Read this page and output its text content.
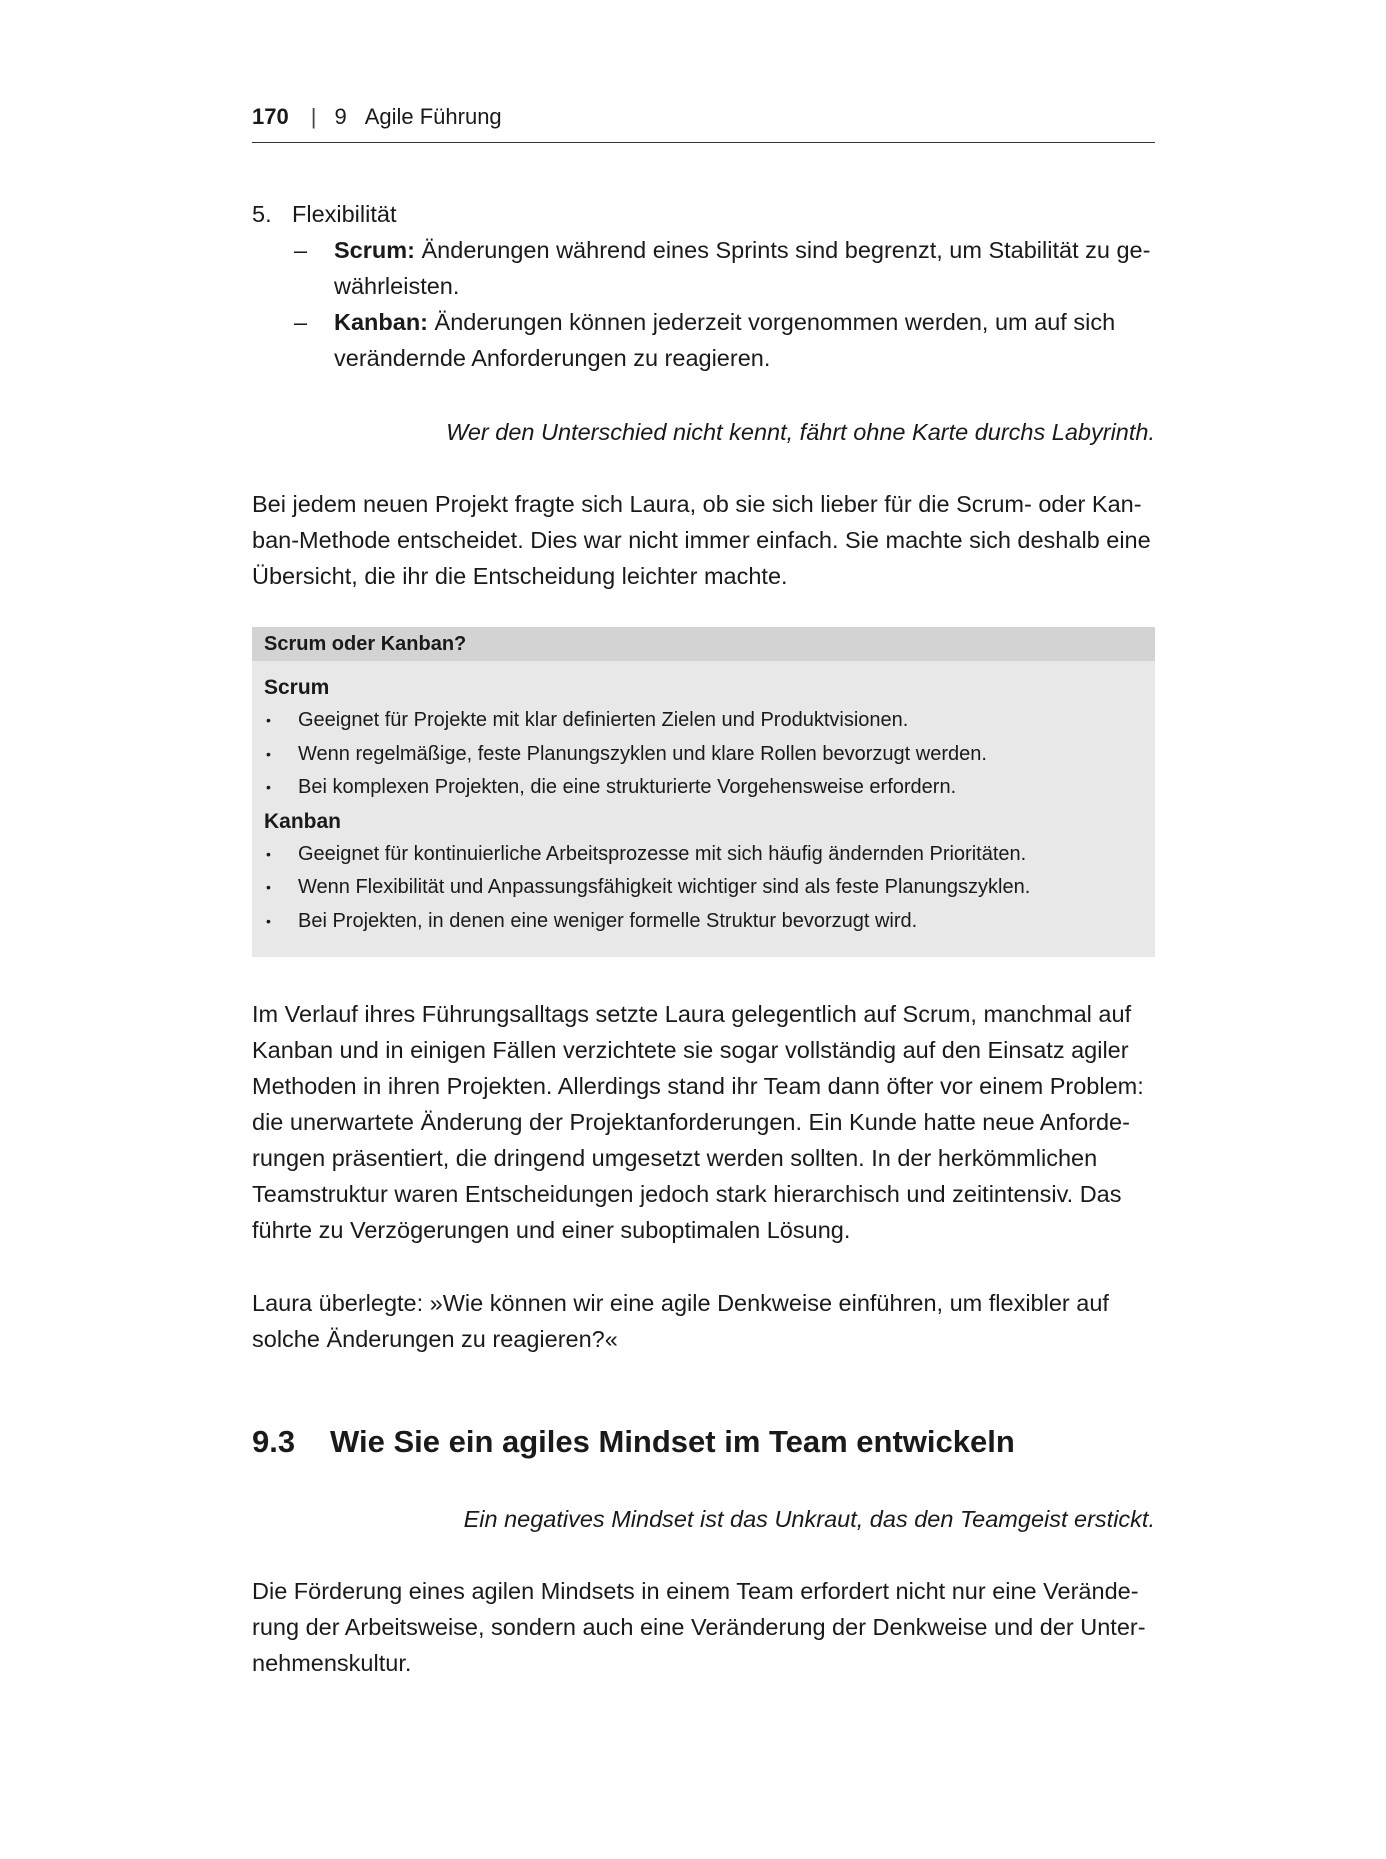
170 | 9 Agile Führung
5. Flexibilität
–	Scrum: Änderungen während eines Sprints sind begrenzt, um Stabilität zu ge-
währleisten.
–	Kanban: Änderungen können jederzeit vorgenommen werden, um auf sich
verändernde Anforderungen zu reagieren.
Wer den Unterschied nicht kennt, fährt ohne Karte durchs Labyrinth.
Bei jedem neuen Projekt fragte sich Laura, ob sie sich lieber für die Scrum- oder Kan-
ban-Methode entscheidet. Dies war nicht immer einfach. Sie machte sich deshalb eine
Übersicht, die ihr die Entscheidung leichter machte.
Scrum oder Kanban?
Scrum
•	Geeignet für Projekte mit klar definierten Zielen und Produktvisionen.
•	Wenn regelmäßige, feste Planungszyklen und klare Rollen bevorzugt werden.
•	Bei komplexen Projekten, die eine strukturierte Vorgehensweise erfordern.
Kanban
•	Geeignet für kontinuierliche Arbeitsprozesse mit sich häufig ändernden Prioritäten.
•	Wenn Flexibilität und Anpassungsfähigkeit wichtiger sind als feste Planungszyklen.
•	Bei Projekten, in denen eine weniger formelle Struktur bevorzugt wird.
Im Verlauf ihres Führungsalltags setzte Laura gelegentlich auf Scrum, manchmal auf
Kanban und in einigen Fällen verzichtete sie sogar vollständig auf den Einsatz agiler
Methoden in ihren Projekten. Allerdings stand ihr Team dann öfter vor einem Problem:
die unerwartete Änderung der Projektanforderungen. Ein Kunde hatte neue Anforde-
rungen präsentiert, die dringend umgesetzt werden sollten. In der herkömmlichen
Teamstruktur waren Entscheidungen jedoch stark hierarchisch und zeitintensiv. Das
führte zu Verzögerungen und einer suboptimalen Lösung.
Laura überlegte: »Wie können wir eine agile Denkweise einführen, um flexibler auf
solche Änderungen zu reagieren?«
9.3	Wie Sie ein agiles Mindset im Team entwickeln
Ein negatives Mindset ist das Unkraut, das den Teamgeist erstickt.
Die Förderung eines agilen Mindsets in einem Team erfordert nicht nur eine Verände-
rung der Arbeitsweise, sondern auch eine Veränderung der Denkweise und der Unter-
nehmenskultur.
